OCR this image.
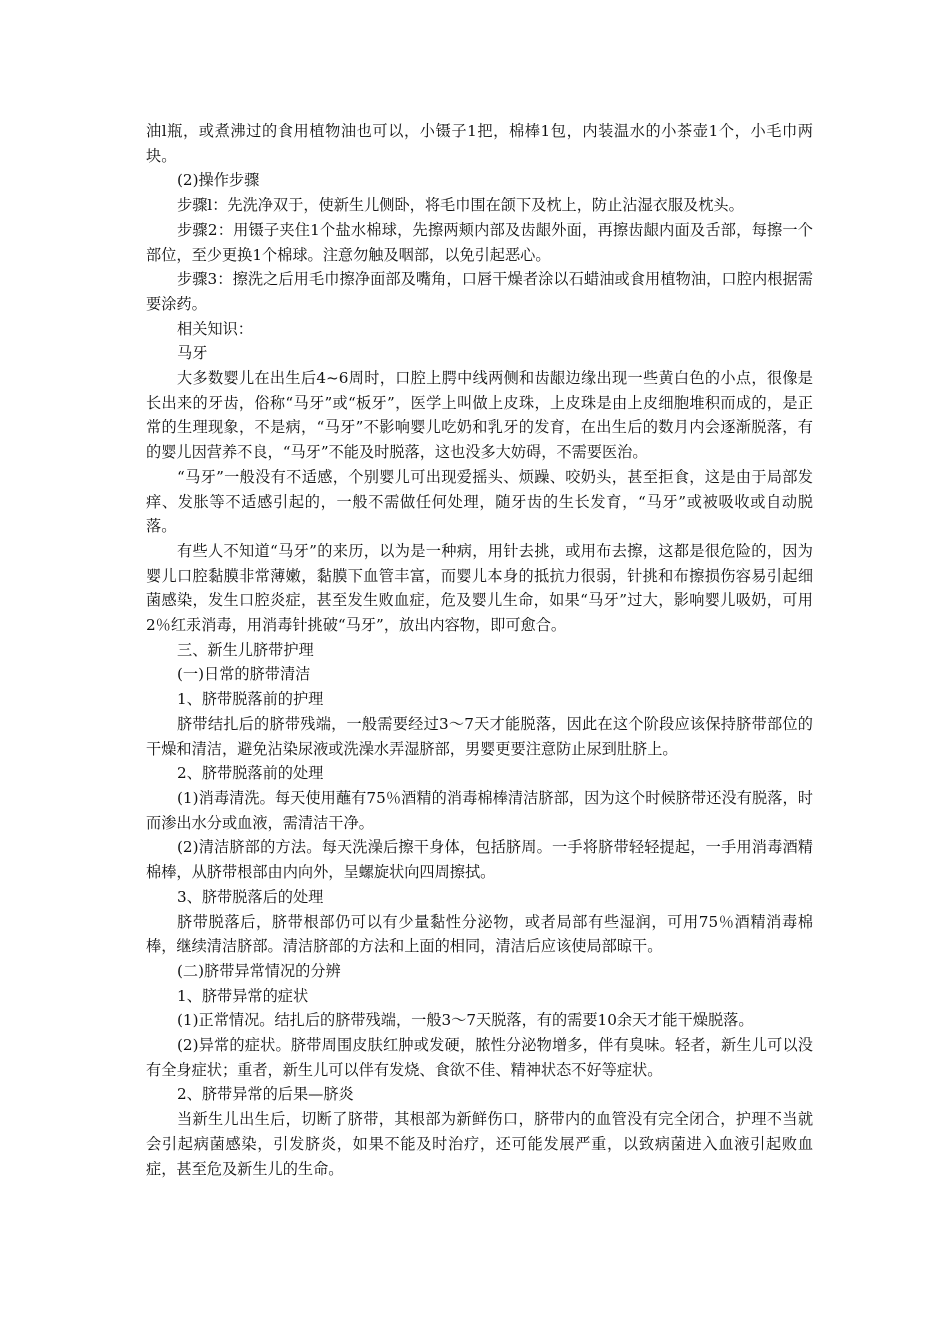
油l瓶，或煮沸过的食用植物油也可以，小镊子1把，棉棒1包，内装温水的小茶壶1个，小毛巾两块。

(2)操作步骤

步骤l：先洗净双于，使新生儿侧卧，将毛巾围在颌下及枕上，防止沾湿衣服及枕头。

步骤2：用镊子夹住1个盐水棉球，先擦两颊内部及齿龈外面，再擦齿龈内面及舌部，每擦一个部位，至少更换1个棉球。注意勿触及咽部，以免引起恶心。

步骤3：擦洗之后用毛巾擦净面部及嘴角，口唇干燥者涂以石蜡油或食用植物油，口腔内根据需要涂药。

相关知识：

马牙

大多数婴儿在出生后4~6周时，口腔上腭中线两侧和齿龈边缘出现一些黄白色的小点，很像是长出来的牙齿，俗称“马牙”或“板牙”，医学上叫做上皮珠，上皮珠是由上皮细胞堆积而成的，是正常的生理现象，不是病，“马牙”不影响婴儿吃奶和乳牙的发育，在出生后的数月内会逐渐脱落，有的婴儿因营养不良，“马牙”不能及时脱落，这也没多大妨碍，不需要医治。

“马牙”一般没有不适感，个别婴儿可出现爱摇头、烦躁、咬奶头，甚至拒食，这是由于局部发痒、发胀等不适感引起的，一般不需做任何处理，随牙齿的生长发育，“马牙”或被吸收或自动脱落。

有些人不知道“马牙”的来历，以为是一种病，用针去挑，或用布去擦，这都是很危险的，因为婴儿口腔黏膜非常薄嫩，黏膜下血管丰富，而婴儿本身的抵抗力很弱，针挑和布擦损伤容易引起细菌感染，发生口腔炎症，甚至发生败血症，危及婴儿生命，如果“马牙”过大，影响婴儿吸奶，可用2％红汞消毒，用消毒针挑破“马牙”，放出内容物，即可愈合。

三、新生儿脐带护理

(一)日常的脐带清洁

1、脐带脱落前的护理

脐带结扎后的脐带残端，一般需要经过3～7天才能脱落，因此在这个阶段应该保持脐带部位的干燥和清洁，避免沾染尿液或洗澡水弄湿脐部，男婴更要注意防止尿到肚脐上。

2、脐带脱落前的处理

(1)消毒清洗。每天使用蘸有75％酒精的消毒棉棒清洁脐部，因为这个时候脐带还没有脱落，时而渗出水分或血液，需清洁干净。

(2)清洁脐部的方法。每天洗澡后擦干身体，包括脐周。一手将脐带轻轻提起，一手用消毒酒精棉棒，从脐带根部由内向外，呈螺旋状向四周擦拭。

3、脐带脱落后的处理

脐带脱落后，脐带根部仍可以有少量黏性分泌物，或者局部有些湿润，可用75％酒精消毒棉棒，继续清洁脐部。清洁脐部的方法和上面的相同，清洁后应该使局部晾干。

(二)脐带异常情况的分辨

1、脐带异常的症状

(1)正常情况。结扎后的脐带残端，一般3～7天脱落，有的需要10余天才能干燥脱落。

(2)异常的症状。脐带周围皮肤红肿或发硬，脓性分泌物增多，伴有臭味。轻者，新生儿可以没有全身症状；重者，新生儿可以伴有发烧、食欲不佳、精神状态不好等症状。

2、脐带异常的后果—脐炎

当新生儿出生后，切断了脐带，其根部为新鲜伤口，脐带内的血管没有完全闭合，护理不当就会引起病菌感染，引发脐炎，如果不能及时治疗，还可能发展严重，以致病菌进入血液引起败血症，甚至危及新生儿的生命。
